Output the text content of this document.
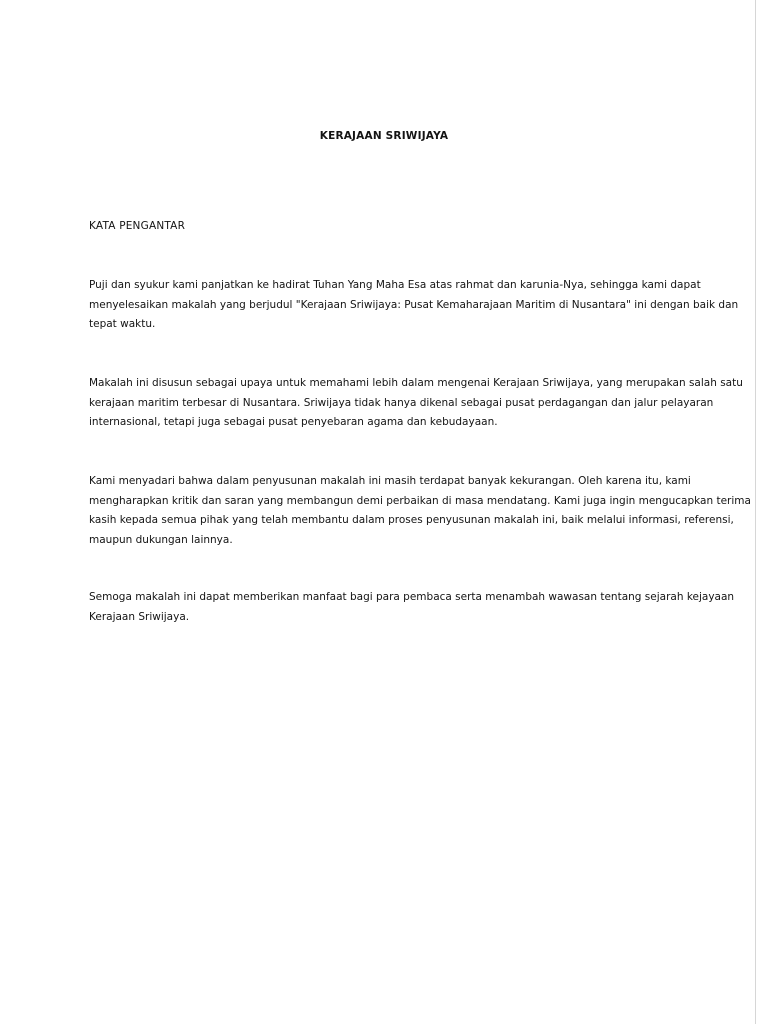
KERAJAAN SRIWIJAYA
KATA PENGANTAR

Puji dan syukur kami panjatkan ke hadirat Tuhan Yang Maha Esa atas rahmat dan karunia-Nya, sehingga kami dapat
menyelesaikan makalah yang berjudul "Kerajaan Sriwijaya: Pusat Kemaharajaan Maritim di Nusantara" ini dengan baik dan
tepat waktu.

Makalah ini disusun sebagai upaya untuk memahami lebih dalam mengenai Kerajaan Sriwijaya, yang merupakan salah satu
kerajaan maritim terbesar di Nusantara. Sriwijaya tidak hanya dikenal sebagai pusat perdagangan dan jalur pelayaran
internasional, tetapi juga sebagai pusat penyebaran agama dan kebudayaan.

Kami menyadari bahwa dalam penyusunan makalah ini masih terdapat banyak kekurangan. Oleh karena itu, kami
mengharapkan kritik dan saran yang membangun demi perbaikan di masa mendatang. Kami juga ingin mengucapkan terima
kasih kepada semua pihak yang telah membantu dalam proses penyusunan makalah ini, baik melalui informasi, referensi,
maupun dukungan lainnya.

Semoga makalah ini dapat memberikan manfaat bagi para pembaca serta menambah wawasan tentang sejarah kejayaan
Kerajaan Sriwijaya.
